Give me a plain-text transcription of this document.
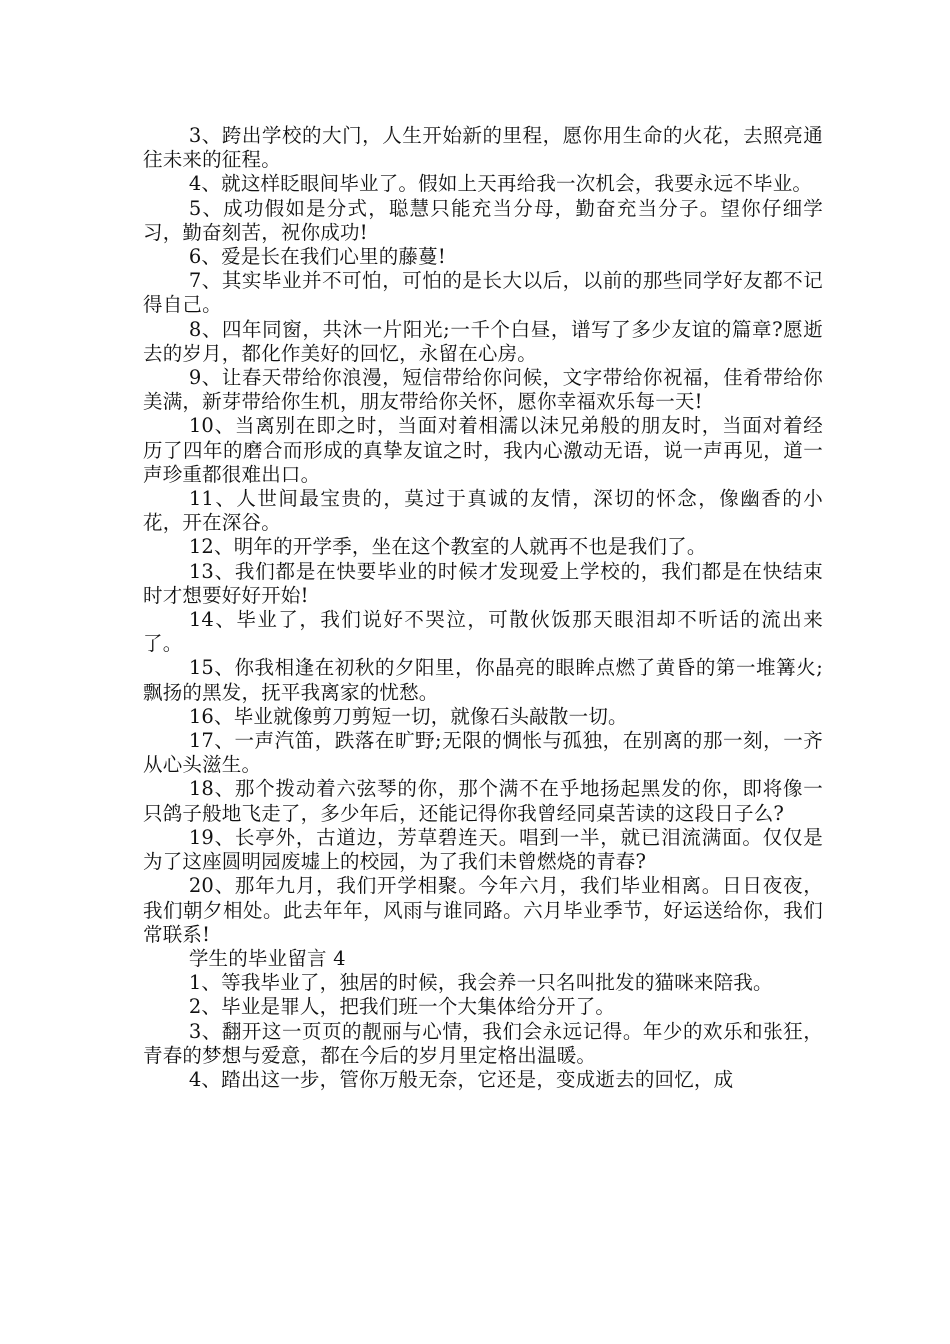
3、跨出学校的大门，人生开始新的里程，愿你用生命的火花，去照亮通往未来的征程。

4、就这样眨眼间毕业了。假如上天再给我一次机会，我要永远不毕业。

5、成功假如是分式，聪慧只能充当分母，勤奋充当分子。望你仔细学习，勤奋刻苦，祝你成功!

6、爱是长在我们心里的藤蔓!

7、其实毕业并不可怕，可怕的是长大以后，以前的那些同学好友都不记得自己。

8、四年同窗，共沐一片阳光;一千个白昼，谱写了多少友谊的篇章?愿逝去的岁月，都化作美好的回忆，永留在心房。

9、让春天带给你浪漫，短信带给你问候，文字带给你祝福，佳肴带给你美满，新芽带给你生机，朋友带给你关怀，愿你幸福欢乐每一天!

10、当离别在即之时，当面对着相濡以沫兄弟般的朋友时，当面对着经历了四年的磨合而形成的真挚友谊之时，我内心激动无语，说一声再见，道一声珍重都很难出口。

11、人世间最宝贵的，莫过于真诚的友情，深切的怀念，像幽香的小花，开在深谷。

12、明年的开学季，坐在这个教室的人就再不也是我们了。

13、我们都是在快要毕业的时候才发现爱上学校的，我们都是在快结束时才想要好好开始!

14、毕业了，我们说好不哭泣，可散伙饭那天眼泪却不听话的流出来了。

15、你我相逢在初秋的夕阳里，你晶亮的眼眸点燃了黄昏的第一堆篝火;飘扬的黑发，抚平我离家的忧愁。

16、毕业就像剪刀剪短一切，就像石头敲散一切。

17、一声汽笛，跌落在旷野;无限的惆怅与孤独，在别离的那一刻，一齐从心头滋生。

18、那个拨动着六弦琴的你，那个满不在乎地扬起黑发的你，即将像一只鸽子般地飞走了，多少年后，还能记得你我曾经同桌苦读的这段日子么?

19、长亭外，古道边，芳草碧连天。唱到一半，就已泪流满面。仅仅是为了这座圆明园废墟上的校园，为了我们未曾燃烧的青春?

20、那年九月，我们开学相聚。今年六月，我们毕业相离。日日夜夜，我们朝夕相处。此去年年，风雨与谁同路。六月毕业季节，好运送给你，我们常联系!

学生的毕业留言 4

1、等我毕业了，独居的时候，我会养一只名叫批发的猫咪来陪我。

2、毕业是罪人，把我们班一个大集体给分开了。

3、翻开这一页页的靓丽与心情，我们会永远记得。年少的欢乐和张狂，青春的梦想与爱意，都在今后的岁月里定格出温暖。

4、踏出这一步，管你万般无奈，它还是，变成逝去的回忆，成
